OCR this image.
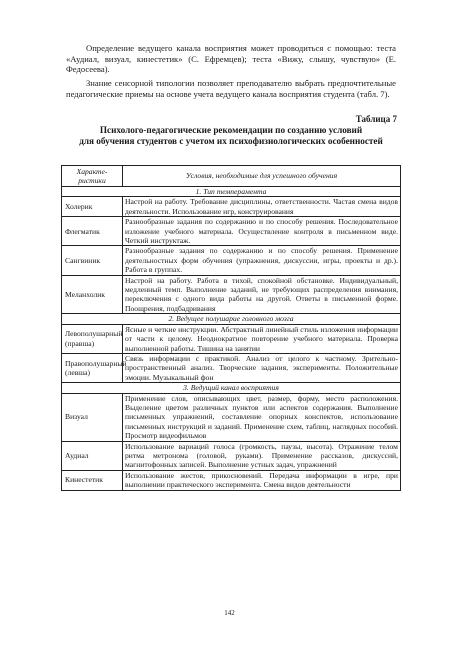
Определение ведущего канала восприятия может проводиться с помощью: теста «Аудиал, визуал, кинестетик» (С. Ефремцев); теста «Вижу, слышу, чувствую» (Е. Федосеева).

Знание сенсорной типологии позволяет преподавателю выбрать предпочтительные педагогические приемы на основе учета ведущего канала восприятия студента (табл. 7).

Таблица 7

Психолого-педагогические рекомендации по созданию условий
для обучения студентов с учетом их психофизиологических особенностей
Характе-ристики	Условия, необходимые для успешного обучения
1. Тип темперамента	
Холерик	Настрой на работу. Требование дисциплины, ответственности. Частая смена видов деятельности. Использование игр, конструирования
Флегматик	Разнообразные задания по содержанию и по способу решения. Последовательное изложение учебного материала. Осуществление контроля в письменном виде. Четкий инструктаж.
Сангвиник	Разнообразные задания по содержанию и по способу решения. Применение деятельностных форм обучения (упражнения, дискуссии, игры, проекты и др.). Работа в группах.
Меланхолик	Настрой на работу. Работа в тихой, спокойной обстановке. Индивидуальный, медленный темп. Выполнение заданий, не требующих распределения внимания, переключения с одного вида работы на другой. Ответы в письменной форме. Поощрения, подбадривания
2. Ведущее полушарие головного мозга	
Левополушарный (правша)	Ясные и четкие инструкции. Абстрактный линейный стиль изложения информации от части к целому. Неоднократное повторение учебного материала. Проверка выполненной работы. Тишина на занятии
Правополушарный (левша)	Связь информации с практикой. Анализ от целого к частному. Зрительно-пространственный анализ. Творческие задания, эксперименты. Положительные эмоции. Музыкальный фон
3. Ведущий канал восприятия	
Визуал	Применение слов, описывающих цвет, размер, форму, место расположения. Выделение цветом различных пунктов или аспектов содержания. Выполнение письменных упражнений, составление опорных конспектов, использование письменных инструкций и заданий. Применение схем, таблиц, наглядных пособий. Просмотр видеофильмов
Аудиал	Использование вариаций голоса (громкость, паузы, высота). Отражение телом ритма метронома (головой, руками). Применение рассказов, дискуссий, магнитофонных записей. Выполнение устных задач, упражнений
Кинестетик	Использование жестов, прикосновений. Передача информации в игре, при выполнении практического эксперимента. Смена видов деятельности
142
